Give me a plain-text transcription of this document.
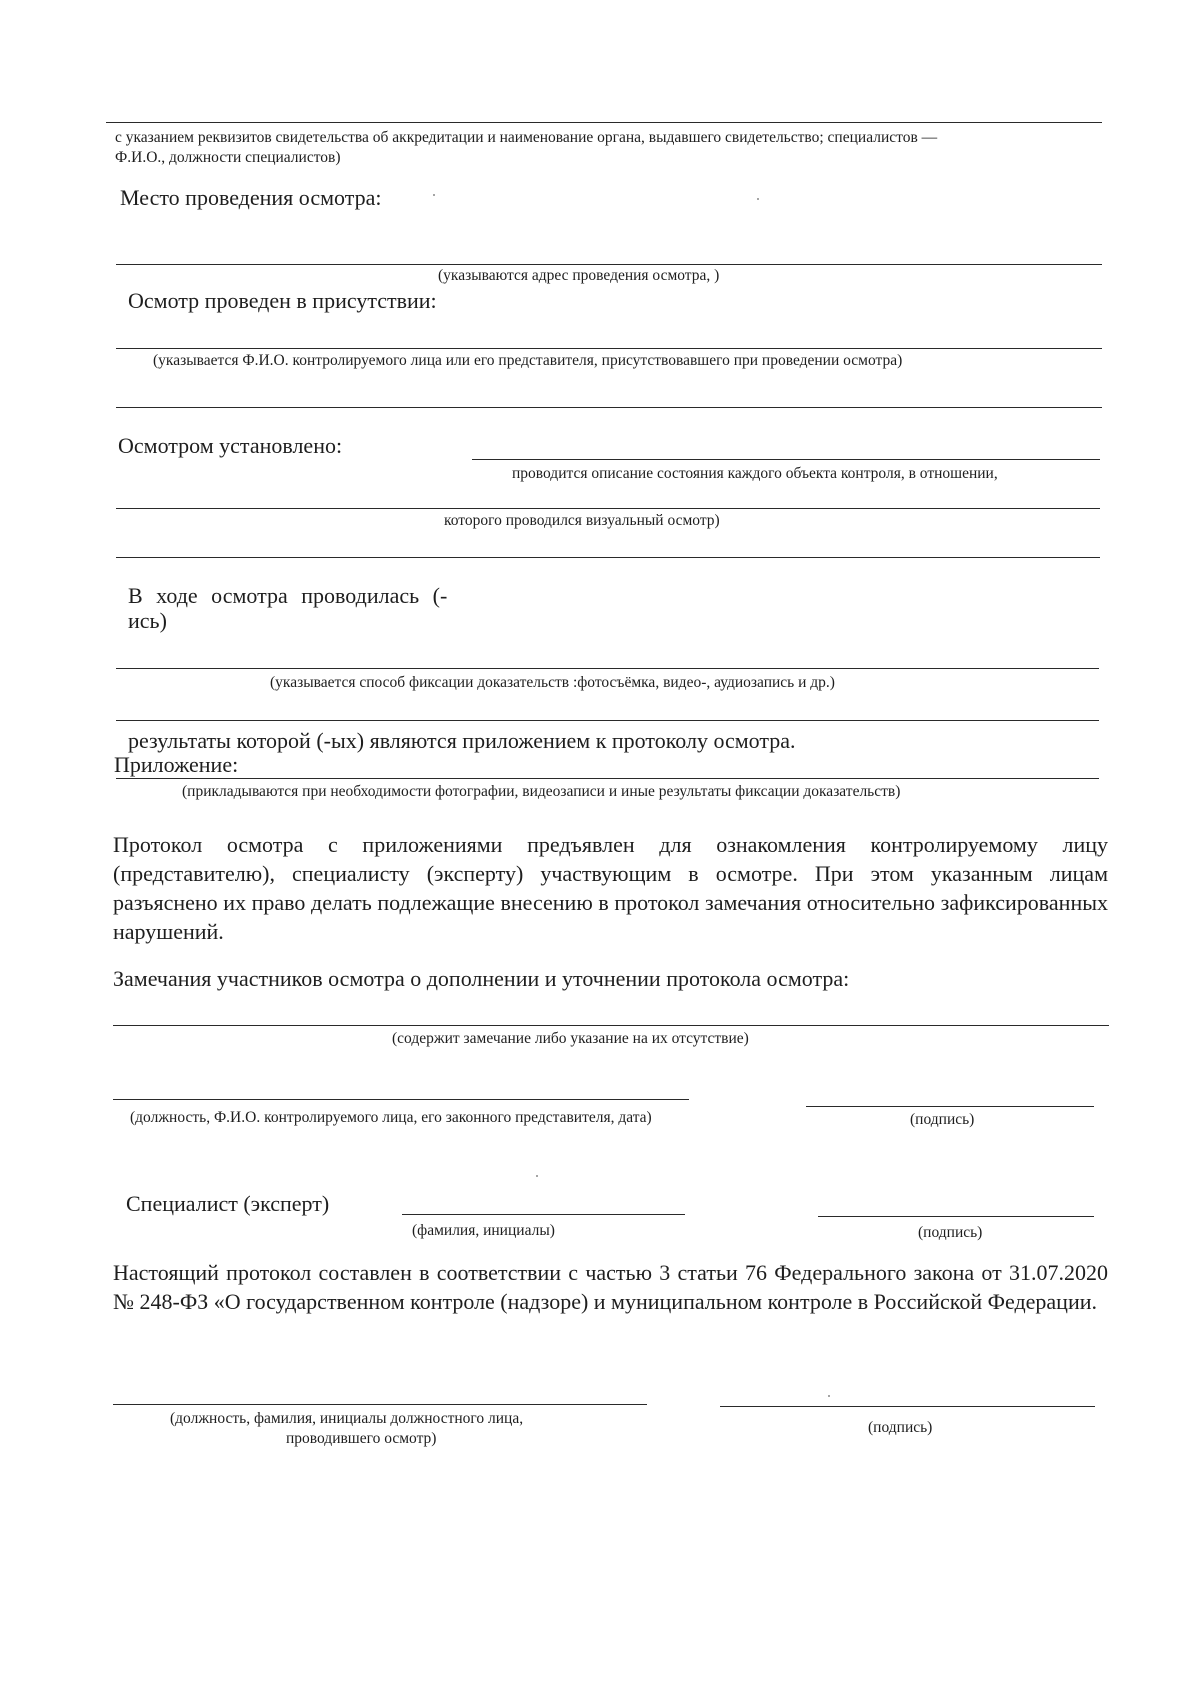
с указанием реквизитов свидетельства об аккредитации и наименование органа, выдавшего свидетельство; специалистов —
Ф.И.О., должности специалистов)
Место проведения осмотра:
(указываются адрес проведения осмотра, )
Осмотр проведен в присутствии:
(указывается Ф.И.О. контролируемого лица или его представителя, присутствовавшего при проведении осмотра)
Осмотром установлено:
проводится описание состояния каждого объекта контроля, в отношении,
которого проводился визуальный осмотр)
В ходе осмотра проводилась (-
ись)
(указывается способ фиксации доказательств :фотосъёмка, видео-, аудиозапись и др.)
результаты которой (-ых) являются приложением к протоколу осмотра.
Приложение:
(прикладываются при необходимости фотографии, видеозаписи и иные результаты фиксации доказательств)
Протокол осмотра с приложениями предъявлен для ознакомления контролируемому лицу (представителю), специалисту (эксперту) участвующим в осмотре. При этом указанным лицам разъяснено их право делать подлежащие внесению в протокол замечания относительно зафиксированных нарушений.
Замечания участников осмотра о дополнении и уточнении протокола осмотра:
(содержит замечание либо указание на их отсутствие)
(должность, Ф.И.О. контролируемого лица, его законного представителя, дата)	(подпись)
Специалист (эксперт)
(фамилия, инициалы)	(подпись)
Настоящий протокол составлен в соответствии с частью 3 статьи 76 Федерального закона от 31.07.2020 № 248-ФЗ «О государственном контроле (надзоре) и муниципальном контроле в Российской Федерации.
(должность, фамилия, инициалы должностного лица,
проводившего осмотр)
(подпись)
